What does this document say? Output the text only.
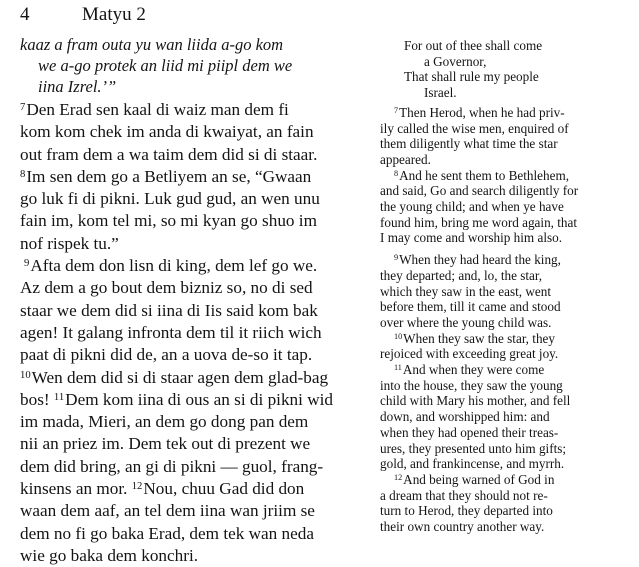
4	Matyu 2
kaaz a fram outa yu wan liida a-go kom
we a-go protek an liid mi piipl dem we
iina Izrel.’”
$^7$Den Erad sen kaal di waiz man dem fi
kom kom chek im anda di kwaiyat, an fain
out fram dem a wa taim dem did si di staar.
$^8$Im sen dem go a Betliyem an se, “Gwaan
go luk fi di pikni. Luk gud gud, an wen unu
fain im, kom tel mi, so mi kyan go shuo im
nof rispek tu.”
$^9$Afta dem don lisn di king, dem lef go we.
Az dem a go bout dem bizniz so, no di sed
staar we dem did si iina di Iis said kom bak
agen! It galang infronta dem til it riich wich
paat di pikni did de, an a uova de-so it tap.
$^{10}$Wen dem did si di staar agen dem glad-bag
bos! $^{11}$Dem kom iina di ous an si di pikni wid
im mada, Mieri, an dem go dong pan dem
nii an priez im. Dem tek out di prezent we
dem did bring, an gi di pikni — guol, frang-
kinsens an mor. $^{12}$Nou, chuu Gad did don
waan dem aaf, an tel dem iina wan jriim se
dem no fi go baka Erad, dem tek wan neda
wie go baka dem konchri.
For out of thee shall come
a Governor,
That shall rule my people
Israel.
$^7$Then Herod, when he had priv-
ily called the wise men, enquired of
them diligently what time the star
appeared.
$^8$And he sent them to Bethlehem,
and said, Go and search diligently for
the young child; and when ye have
found him, bring me word again, that
I may come and worship him also.
$^9$When they had heard the king,
they departed; and, lo, the star,
which they saw in the east, went
before them, till it came and stood
over where the young child was.
$^{10}$When they saw the star, they
rejoiced with exceeding great joy.
$^{11}$And when they were come
into the house, they saw the young
child with Mary his mother, and fell
down, and worshipped him: and
when they had opened their treas-
ures, they presented unto him gifts;
gold, and frankincense, and myrrh.
$^{12}$And being warned of God in
a dream that they should not re-
turn to Herod, they departed into
their own country another way.
